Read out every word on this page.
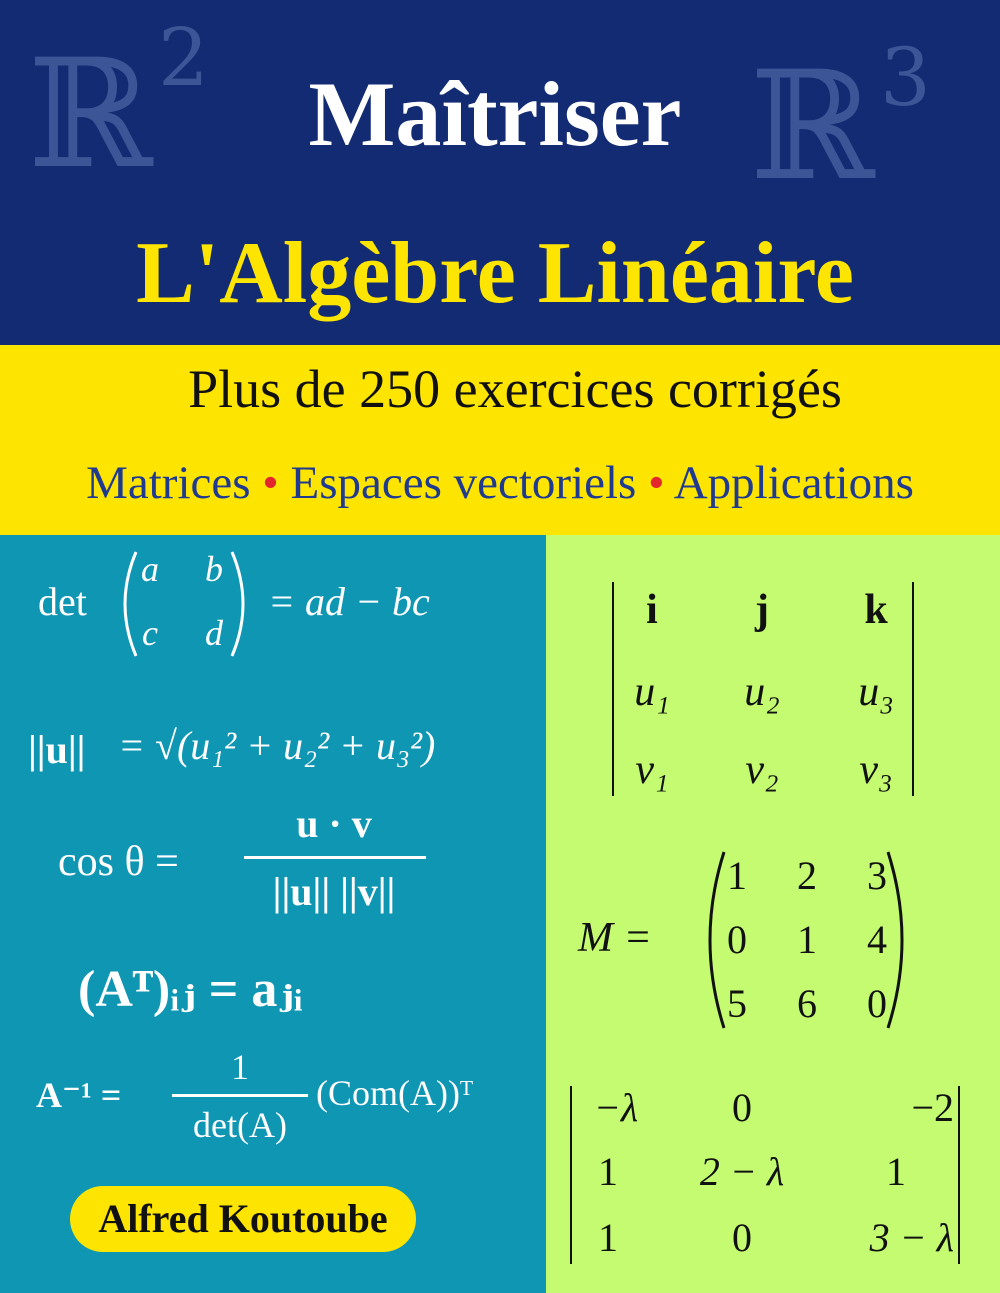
ℝ 2	ℝ 3
Maîtriser
L'Algèbre Linéaire
Plus de 250 exercices corrigés
Matrices • Espaces vectoriels • Applications
det
a	b
c	d
= ad − bc
||u|| = √(u₁² + u₂² + u₃²)
cos θ =
u · v
||u|| ||v||
(Aᵀ)ᵢⱼ = aⱼᵢ
A⁻¹ =
1
det(A)
(Com(A))ᵀ
Alfred Koutoube
i	j	k
u₁	u₂	u₃
v₁	v₂	v₃
M =
1	2	3
0	1	4
5	6	0
−λ	0	−2
1	2 − λ	1
1	0	3 − λ
